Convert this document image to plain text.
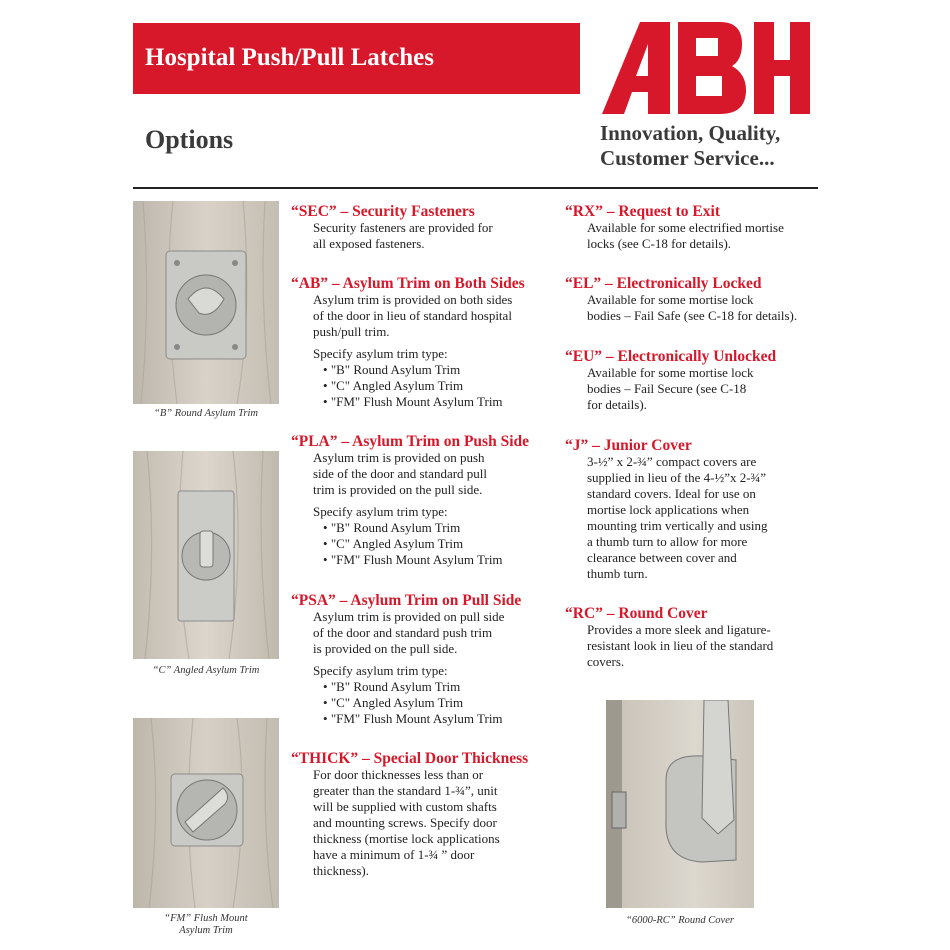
Hospital Push/Pull Latches
Innovation, Quality,
Customer Service...
Options
“B” Round Asylum Trim
“C” Angled Asylum Trim
“FM” Flush Mount
Asylum Trim
“6000-RC” Round Cover
“SEC” – Security Fasteners
Security fasteners are provided for
all exposed fasteners.
“AB” – Asylum Trim on Both Sides
Asylum trim is provided on both sides
of the door in lieu of standard hospital
push/pull trim.
Specify asylum trim type:
• "B" Round Asylum Trim
• "C" Angled Asylum Trim
• "FM" Flush Mount Asylum Trim
“PLA” – Asylum Trim on Push Side
Asylum trim is provided on push
side of the door and standard pull
trim is provided on the pull side.
Specify asylum trim type:
• "B" Round Asylum Trim
• "C" Angled Asylum Trim
• "FM" Flush Mount Asylum Trim
“PSA” – Asylum Trim on Pull Side
Asylum trim is provided on pull side
of the door and standard push trim
is provided on the pull side.
Specify asylum trim type:
• "B" Round Asylum Trim
• "C" Angled Asylum Trim
• "FM" Flush Mount Asylum Trim
“THICK” – Special Door Thickness
For door thicknesses less than or
greater than the standard 1-¾”, unit
will be supplied with custom shafts
and mounting screws. Specify door
thickness (mortise lock applications
have a minimum of 1-¾ ” door
thickness).
“RX” – Request to Exit
Available for some electrified mortise
locks (see C-18 for details).
“EL” – Electronically Locked
Available for some mortise lock
bodies – Fail Safe (see C-18 for details).
“EU” – Electronically Unlocked
Available for some mortise lock
bodies – Fail Secure (see C-18
for details).
“J” – Junior Cover
3-½” x 2-¾” compact covers are
supplied in lieu of the 4-½”x 2-¾”
standard covers. Ideal for use on
mortise lock applications when
mounting trim vertically and using
a thumb turn to allow for more
clearance between cover and
thumb turn.
“RC” – Round Cover
Provides a more sleek and ligature-
resistant look in lieu of the standard
covers.
